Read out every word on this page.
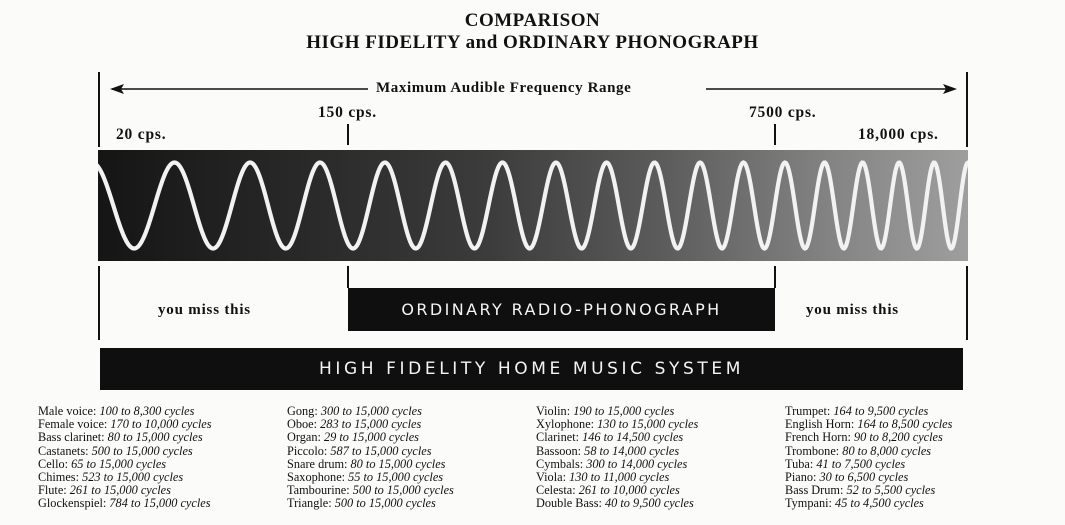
COMPARISON
HIGH FIDELITY and ORDINARY PHONOGRAPH
Maximum Audible Frequency Range
20 cps.
150 cps.	7500 cps.
18,000 cps.
you miss this	you miss this
ORDINARY RADIO-PHONOGRAPH
HIGH FIDELITY HOME MUSIC SYSTEM
Male voice: 100 to 8,300 cycles
Female voice: 170 to 10,000 cycles
Bass clarinet: 80 to 15,000 cycles
Castanets: 500 to 15,000 cycles
Cello: 65 to 15,000 cycles
Chimes: 523 to 15,000 cycles
Flute: 261 to 15,000 cycles
Glockenspiel: 784 to 15,000 cycles
Gong: 300 to 15,000 cycles
Oboe: 283 to 15,000 cycles
Organ: 29 to 15,000 cycles
Piccolo: 587 to 15,000 cycles
Snare drum: 80 to 15,000 cycles
Saxophone: 55 to 15,000 cycles
Tambourine: 500 to 15,000 cycles
Triangle: 500 to 15,000 cycles
Violin: 190 to 15,000 cycles
Xylophone: 130 to 15,000 cycles
Clarinet: 146 to 14,500 cycles
Bassoon: 58 to 14,000 cycles
Cymbals: 300 to 14,000 cycles
Viola: 130 to 11,000 cycles
Celesta: 261 to 10,000 cycles
Double Bass: 40 to 9,500 cycles
Trumpet: 164 to 9,500 cycles
English Horn: 164 to 8,500 cycles
French Horn: 90 to 8,200 cycles
Trombone: 80 to 8,000 cycles
Tuba: 41 to 7,500 cycles
Piano: 30 to 6,500 cycles
Bass Drum: 52 to 5,500 cycles
Tympani: 45 to 4,500 cycles
